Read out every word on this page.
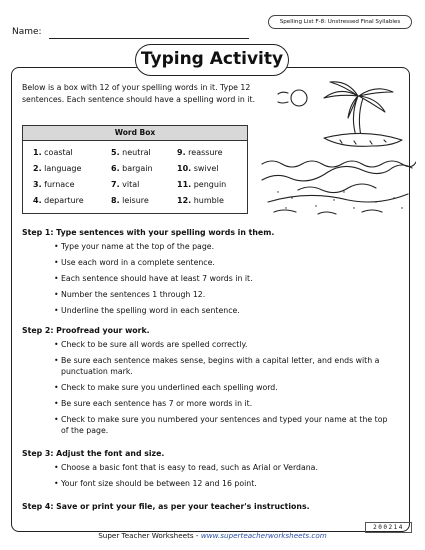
Name:
Spelling List F-8: Unstressed Final Syllables
Typing Activity
Below is a box with 12 of your spelling words in it. Type 12 sentences. Each sentence should have a spelling word in it.
Word Box
1. coastal
2. language
3. furnace
4. departure
5. neutral
6. bargain
7. vital
8. leisure
9. reassure
10. swivel
11. penguin
12. humble
Step 1: Type sentences with your spelling words in them.
• Type your name at the top of the page.
• Use each word in a complete sentence.
• Each sentence should have at least 7 words in it.
• Number the sentences 1 through 12.
• Underline the spelling word in each sentence.
Step 2: Proofread your work.
• Check to be sure all words are spelled correctly.
• Be sure each sentence makes sense, begins with a capital letter, and ends with a punctuation mark.
• Check to make sure you underlined each spelling word.
• Be sure each sentence has 7 or more words in it.
• Check to make sure you numbered your sentences and typed your name at the top of the page.
Step 3: Adjust the font and size.
• Choose a basic font that is easy to read, such as Arial or Verdana.
• Your font size should be between 12 and 16 point.
Step 4: Save or print your file, as per your teacher's instructions.
200214
Super Teacher Worksheets - www.superteacherworksheets.com
